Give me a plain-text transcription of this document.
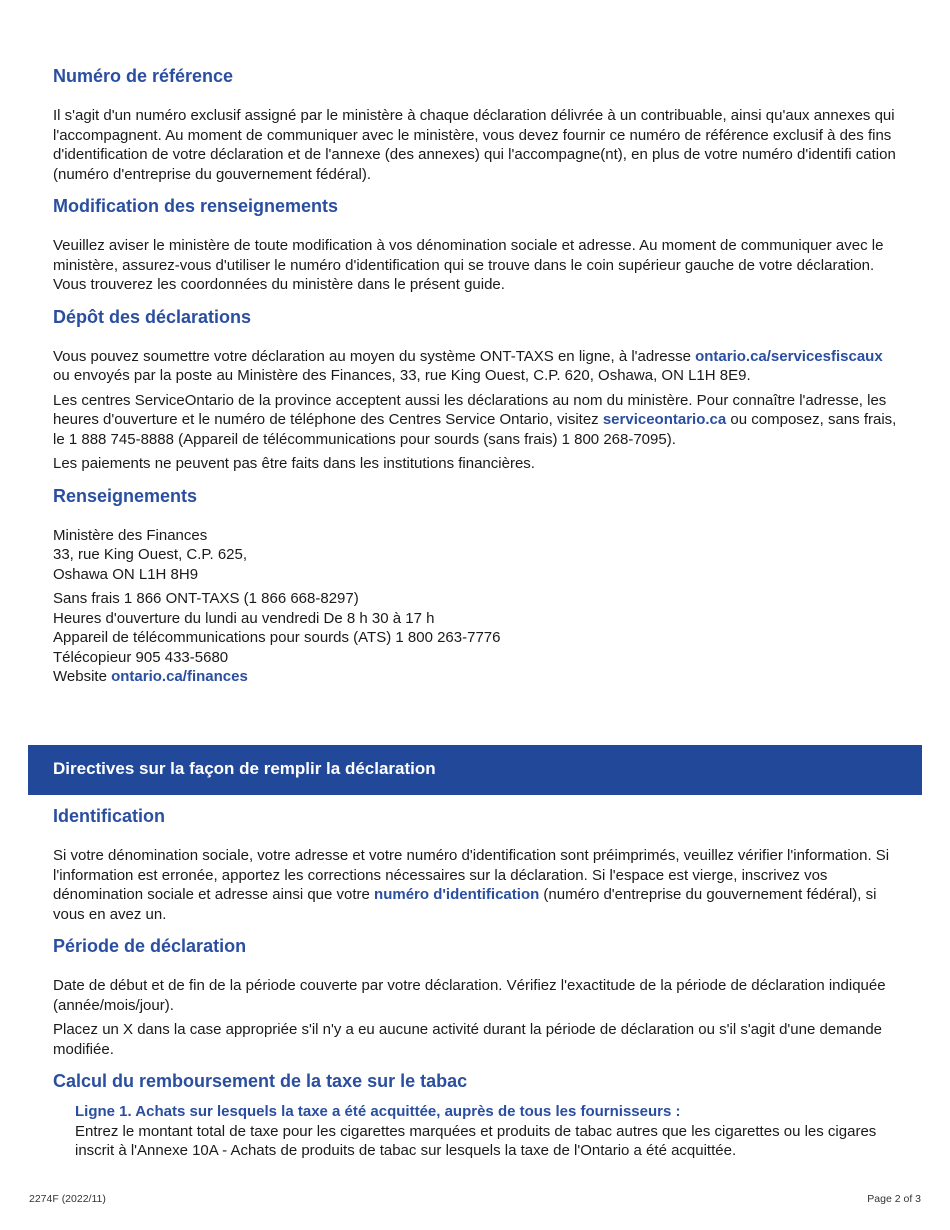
Numéro de référence

Il s'agit d'un numéro exclusif assigné par le ministère à chaque déclaration délivrée à un contribuable, ainsi qu'aux annexes qui l'accompagnent. Au moment de communiquer avec le ministère, vous devez fournir ce numéro de référence exclusif à des fins d'identification de votre déclaration et de l'annexe (des annexes) qui l'accompagne(nt), en plus de votre numéro d'identifi cation (numéro d'entreprise du gouvernement fédéral).

Modification des renseignements

Veuillez aviser le ministère de toute modification à vos dénomination sociale et adresse. Au moment de communiquer avec le ministère, assurez-vous d'utiliser le numéro d'identification qui se trouve dans le coin supérieur gauche de votre déclaration. Vous trouverez les coordonnées du ministère dans le présent guide.

Dépôt des déclarations

Vous pouvez soumettre votre déclaration au moyen du système ONT-TAXS en ligne, à l'adresse ontario.ca/servicesfiscaux ou envoyés par la poste au Ministère des Finances, 33, rue King Ouest, C.P. 620, Oshawa, ON L1H 8E9.

Les centres ServiceOntario de la province acceptent aussi les déclarations au nom du ministère. Pour connaître l'adresse, les heures d'ouverture et le numéro de téléphone des Centres Service Ontario, visitez serviceontario.ca ou composez, sans frais, le 1 888 745-8888 (Appareil de télécommunications pour sourds (sans frais) 1 800 268-7095).

Les paiements ne peuvent pas être faits dans les institutions financières.

Renseignements

Ministère des Finances
33, rue King Ouest, C.P. 625,
Oshawa ON L1H 8H9

Sans frais 1 866 ONT-TAXS (1 866 668-8297)
Heures d'ouverture du lundi au vendredi De 8 h 30 à 17 h
Appareil de télécommunications pour sourds (ATS) 1 800 263-7776
Télécopieur 905 433-5680
Website ontario.ca/finances

Directives sur la façon de remplir la déclaration
Identification

Si votre dénomination sociale, votre adresse et votre numéro d'identification sont préimprimés, veuillez vérifier l'information. Si l'information est erronée, apportez les corrections nécessaires sur la déclaration. Si l'espace est vierge, inscrivez vos dénomination sociale et adresse ainsi que votre numéro d'identification (numéro d'entreprise du gouvernement fédéral), si vous en avez un.

Période de déclaration

Date de début et de fin de la période couverte par votre déclaration. Vérifiez l'exactitude de la période de déclaration indiquée (année/mois/jour).

Placez un X dans la case appropriée s'il n'y a eu aucune activité durant la période de déclaration ou s'il s'agit d'une demande modifiée.

Calcul du remboursement de la taxe sur le tabac
Ligne 1. Achats sur lesquels la taxe a été acquittée, auprès de tous les fournisseurs :

Entrez le montant total de taxe pour les cigarettes marquées et produits de tabac autres que les cigarettes ou les cigares inscrit à l'Annexe 10A - Achats de produits de tabac sur lesquels la taxe de l'Ontario a été acquittée.

2274F (2022/11)	Page 2 of 3
